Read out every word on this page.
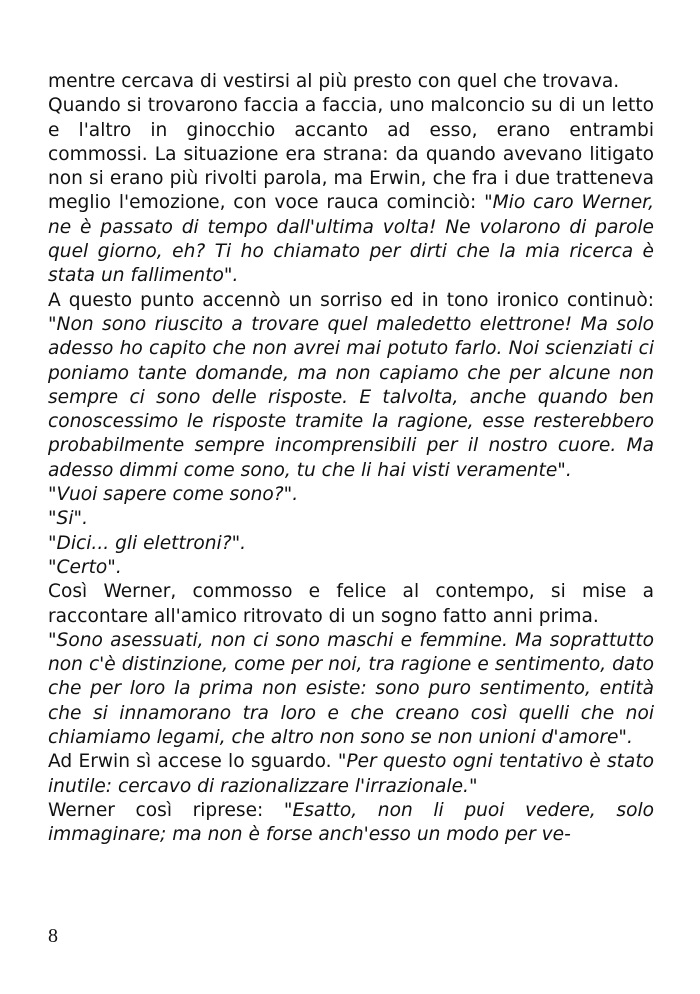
mentre cercava di vestirsi al più presto con quel che trovava.

Quando si trovarono faccia a faccia, uno malconcio su di un letto e l'altro in ginocchio accanto ad esso, erano entrambi commossi. La situazione era strana: da quando avevano litigato non si erano più rivolti parola, ma Erwin, che fra i due tratteneva meglio l'emozione, con voce rauca cominciò: "Mio caro Werner, ne è passato di tempo dall'ultima volta! Ne volarono di parole quel giorno, eh? Ti ho chiamato per dirti che la mia ricerca è stata un fallimento".

A questo punto accennò un sorriso ed in tono ironico continuò: "Non sono riuscito a trovare quel maledetto elettrone! Ma solo adesso ho capito che non avrei mai potuto farlo. Noi scienziati ci poniamo tante domande, ma non capiamo che per alcune non sempre ci sono delle risposte. E talvolta, anche quando ben conoscessimo le risposte tramite la ragione, esse resterebbero probabilmente sempre incomprensibili per il nostro cuore. Ma adesso dimmi come sono, tu che li hai visti veramente".

"Vuoi sapere come sono?".

"Si".

"Dici... gli elettroni?".

"Certo".

Così Werner, commosso e felice al contempo, si mise a raccontare all'amico ritrovato di un sogno fatto anni prima.

"Sono asessuati, non ci sono maschi e femmine. Ma soprattutto non c'è distinzione, come per noi, tra ragione e sentimento, dato che per loro la prima non esiste: sono puro sentimento, entità che si innamorano tra loro e che creano così quelli che noi chiamiamo legami, che altro non sono se non unioni d'amore".

Ad Erwin sì accese lo sguardo. "Per questo ogni tentativo è stato inutile: cercavo di razionalizzare l'irrazionale."

Werner così riprese: "Esatto, non li puoi vedere, solo immaginare; ma non è forse anch'esso un modo per ve-

8
